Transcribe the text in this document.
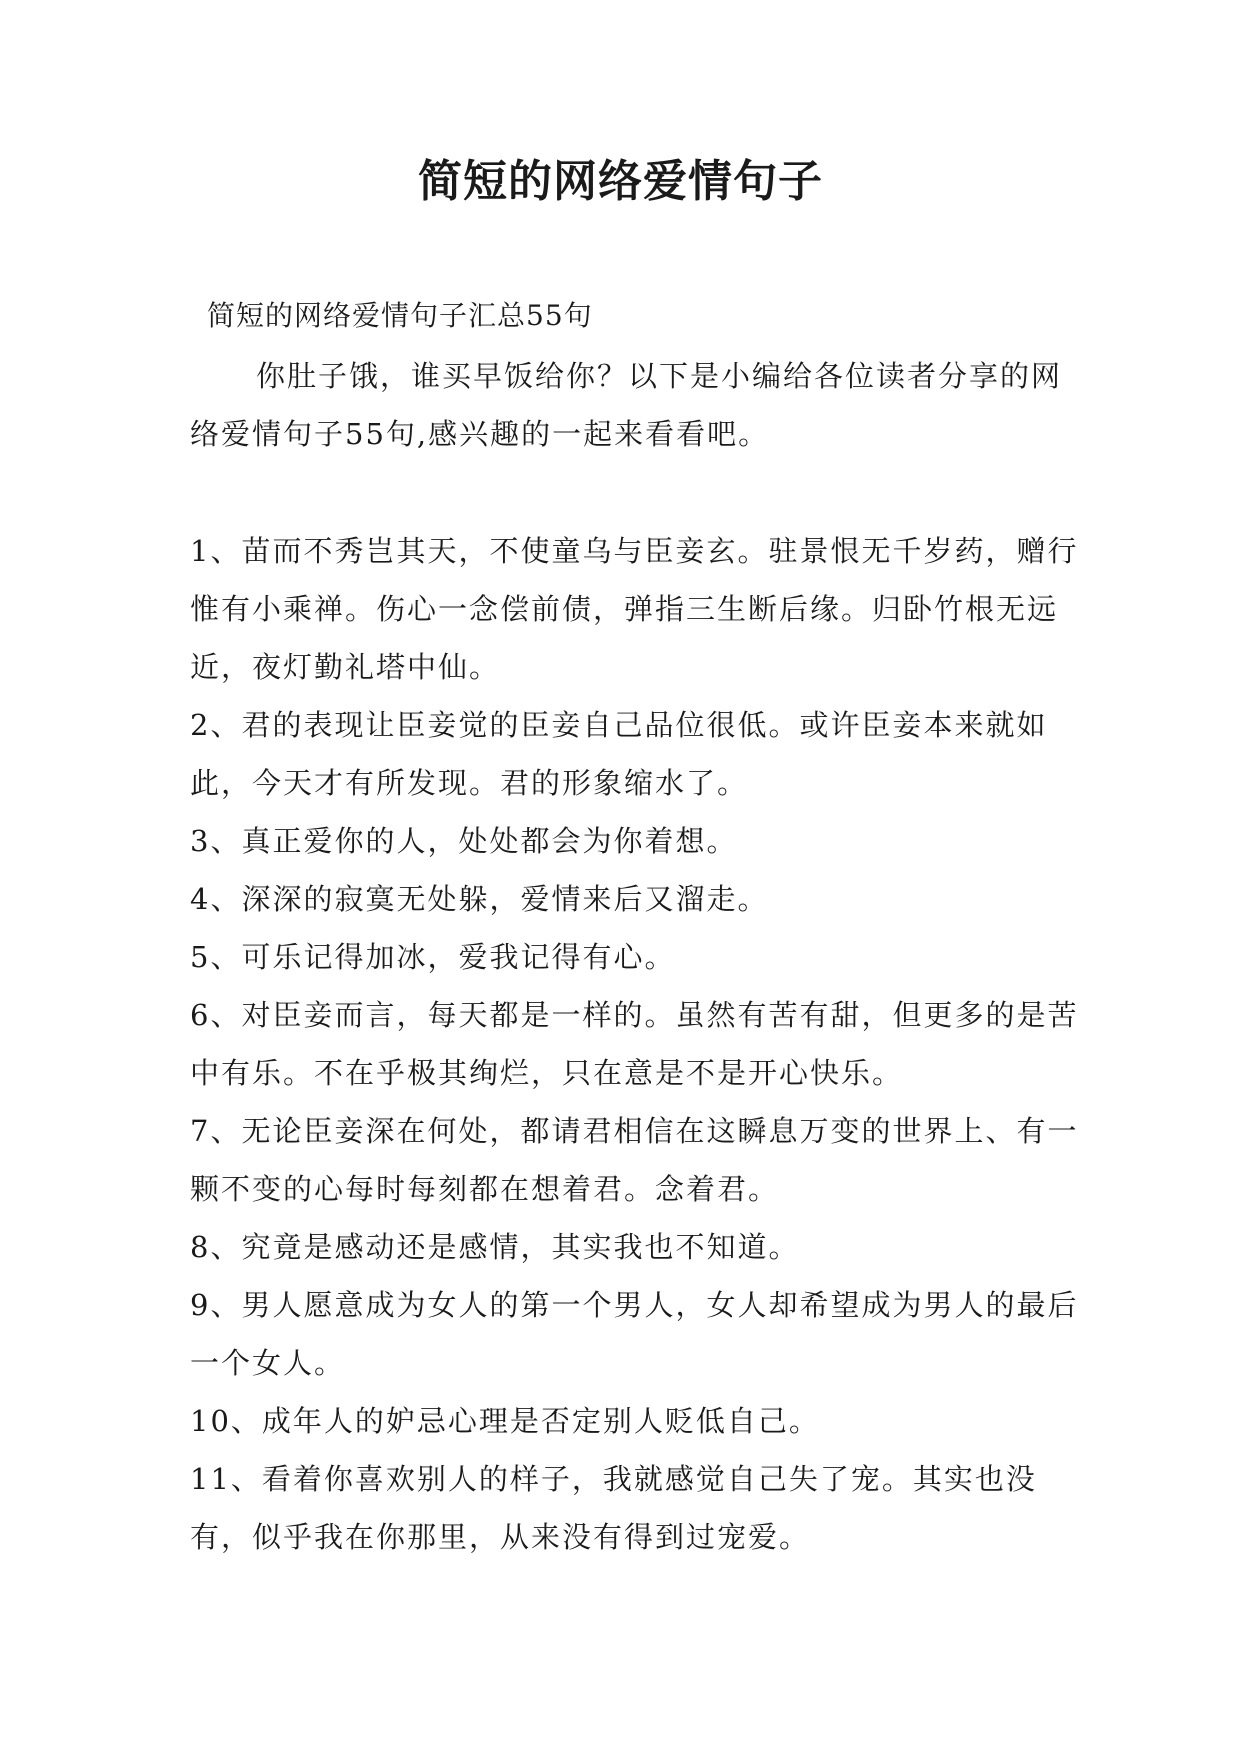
简短的网络爱情句子

简短的网络爱情句子汇总55句

你肚子饿，谁买早饭给你？以下是小编给各位读者分享的网络爱情句子55句,感兴趣的一起来看看吧。

1、苗而不秀岂其天，不使童乌与臣妾玄。驻景恨无千岁药，赠行惟有小乘禅。伤心一念偿前债，弹指三生断后缘。归卧竹根无远近，夜灯勤礼塔中仙。
2、君的表现让臣妾觉的臣妾自己品位很低。或许臣妾本来就如此，今天才有所发现。君的形象缩水了。
3、真正爱你的人，处处都会为你着想。
4、深深的寂寞无处躲，爱情来后又溜走。
5、可乐记得加冰，爱我记得有心。
6、对臣妾而言，每天都是一样的。虽然有苦有甜，但更多的是苦中有乐。不在乎极其绚烂，只在意是不是开心快乐。
7、无论臣妾深在何处，都请君相信在这瞬息万变的世界上、有一颗不变的心每时每刻都在想着君。念着君。
8、究竟是感动还是感情，其实我也不知道。
9、男人愿意成为女人的第一个男人，女人却希望成为男人的最后一个女人。
10、成年人的妒忌心理是否定别人贬低自己。
11、看着你喜欢别人的样子，我就感觉自己失了宠。其实也没有，似乎我在你那里，从来没有得到过宠爱。
